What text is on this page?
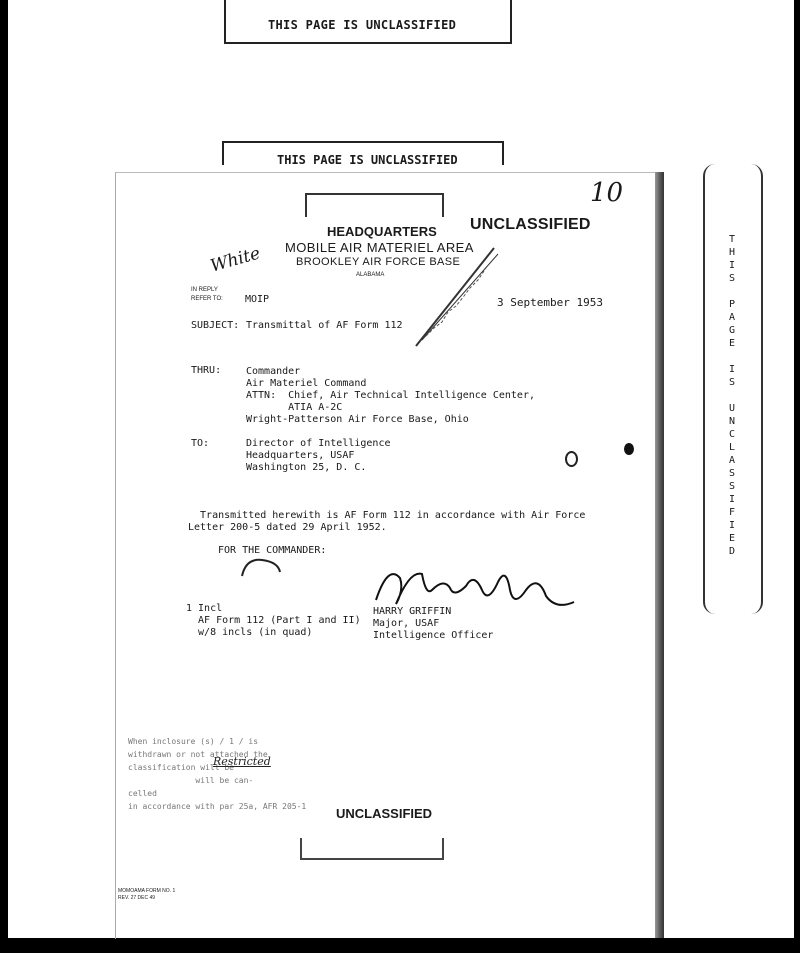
THIS PAGE IS UNCLASSIFIED
THIS PAGE IS UNCLASSIFIED
10
HEADQUARTERS
MOBILE AIR MATERIEL AREA
BROOKLEY AIR FORCE BASE
ALABAMA
UNCLASSIFIED
White
IN REPLY
REFER TO: MOIP	3 September 1953
SUBJECT: Transmittal of AF Form 112
THRU: Commander
Air Materiel Command
ATTN:  Chief, Air Technical Intelligence Center,
ATIA A-2C
Wright-Patterson Air Force Base, Ohio
TO:	Director of Intelligence
Headquarters, USAF
Washington 25, D. C.
Transmitted herewith is AF Form 112 in accordance with Air Force
Letter 200-5 dated 29 April 1952.
FOR THE COMMANDER:
1 Incl
AF Form 112 (Part I and II)
w/8 incls (in quad)
HARRY GRIFFIN
Major, USAF
Intelligence Officer
T
H
I
S

P
A
G
E

I
S

U
N
C
L
A
S
S
I
F
I
E
D
When inclosure (s) / 1 / is
withdrawn or not attached the
classification will be
will be can-
celled
in accordance with par 25a, AFR 205-1
Restricted
UNCLASSIFIED
MOMOAMA FORM NO. 1
REV. 27 DEC 49
